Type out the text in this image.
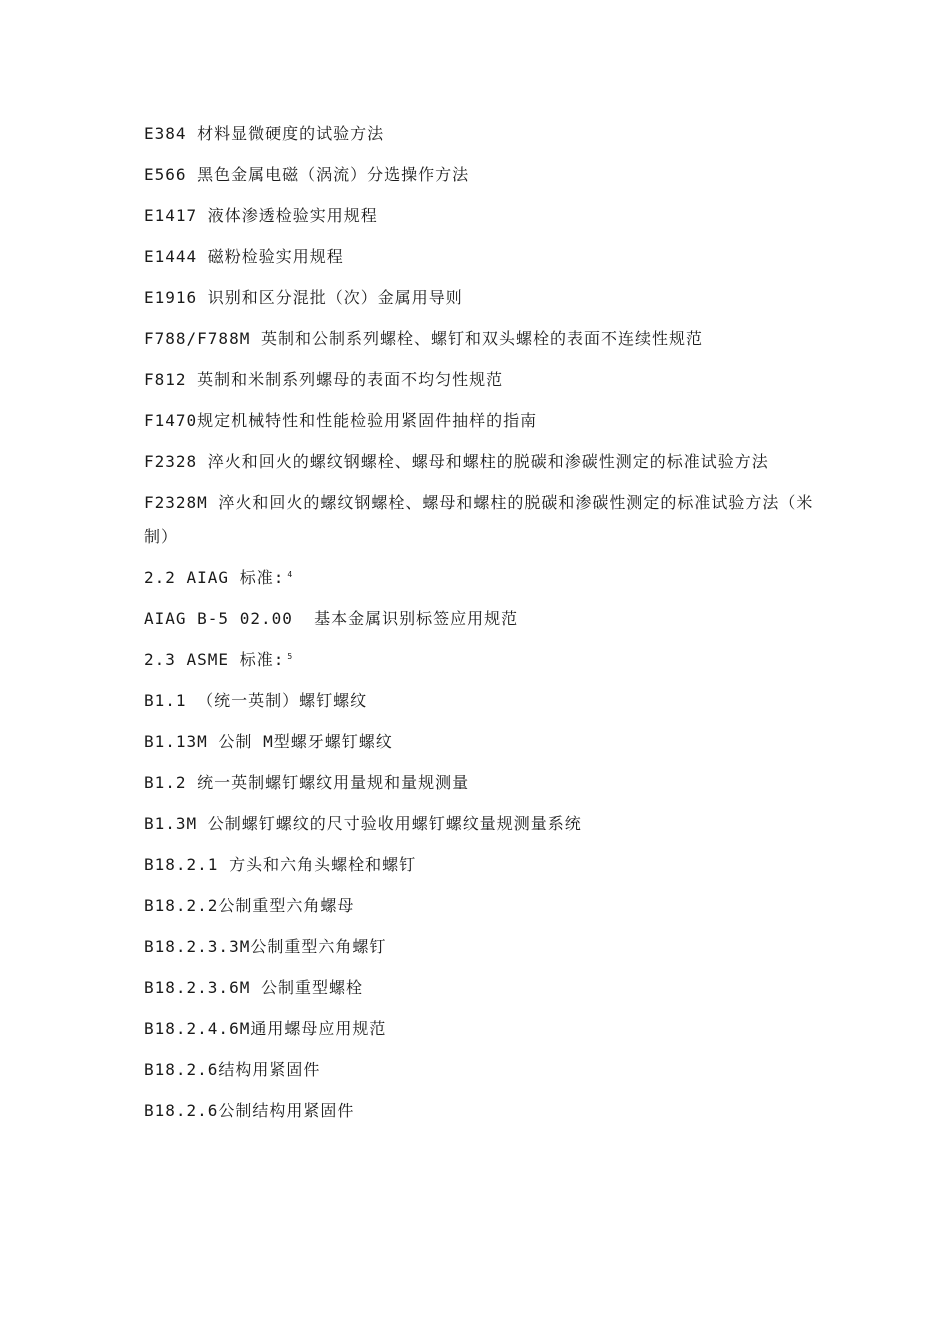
E384 材料显微硬度的试验方法
E566 黑色金属电磁（涡流）分选操作方法
E1417 液体渗透检验实用规程
E1444 磁粉检验实用规程
E1916 识别和区分混批（次）金属用导则
F788/F788M 英制和公制系列螺栓、螺钉和双头螺栓的表面不连续性规范
F812 英制和米制系列螺母的表面不均匀性规范
F1470规定机械特性和性能检验用紧固件抽样的指南
F2328 淬火和回火的螺纹钢螺栓、螺母和螺柱的脱碳和渗碳性测定的标准试验方法
F2328M 淬火和回火的螺纹钢螺栓、螺母和螺柱的脱碳和渗碳性测定的标准试验方法（米制）
2.2 AIAG 标准: $^4$
AIAG B-5 02.00  基本金属识别标签应用规范
2.3 ASME 标准: $^5$
B1.1 （统一英制）螺钉螺纹
B1.13M 公制 M型螺牙螺钉螺纹
B1.2 统一英制螺钉螺纹用量规和量规测量
B1.3M 公制螺钉螺纹的尺寸验收用螺钉螺纹量规测量系统
B18.2.1 方头和六角头螺栓和螺钉
B18.2.2公制重型六角螺母
B18.2.3.3M公制重型六角螺钉
B18.2.3.6M 公制重型螺栓
B18.2.4.6M通用螺母应用规范
B18.2.6结构用紧固件
B18.2.6公制结构用紧固件
